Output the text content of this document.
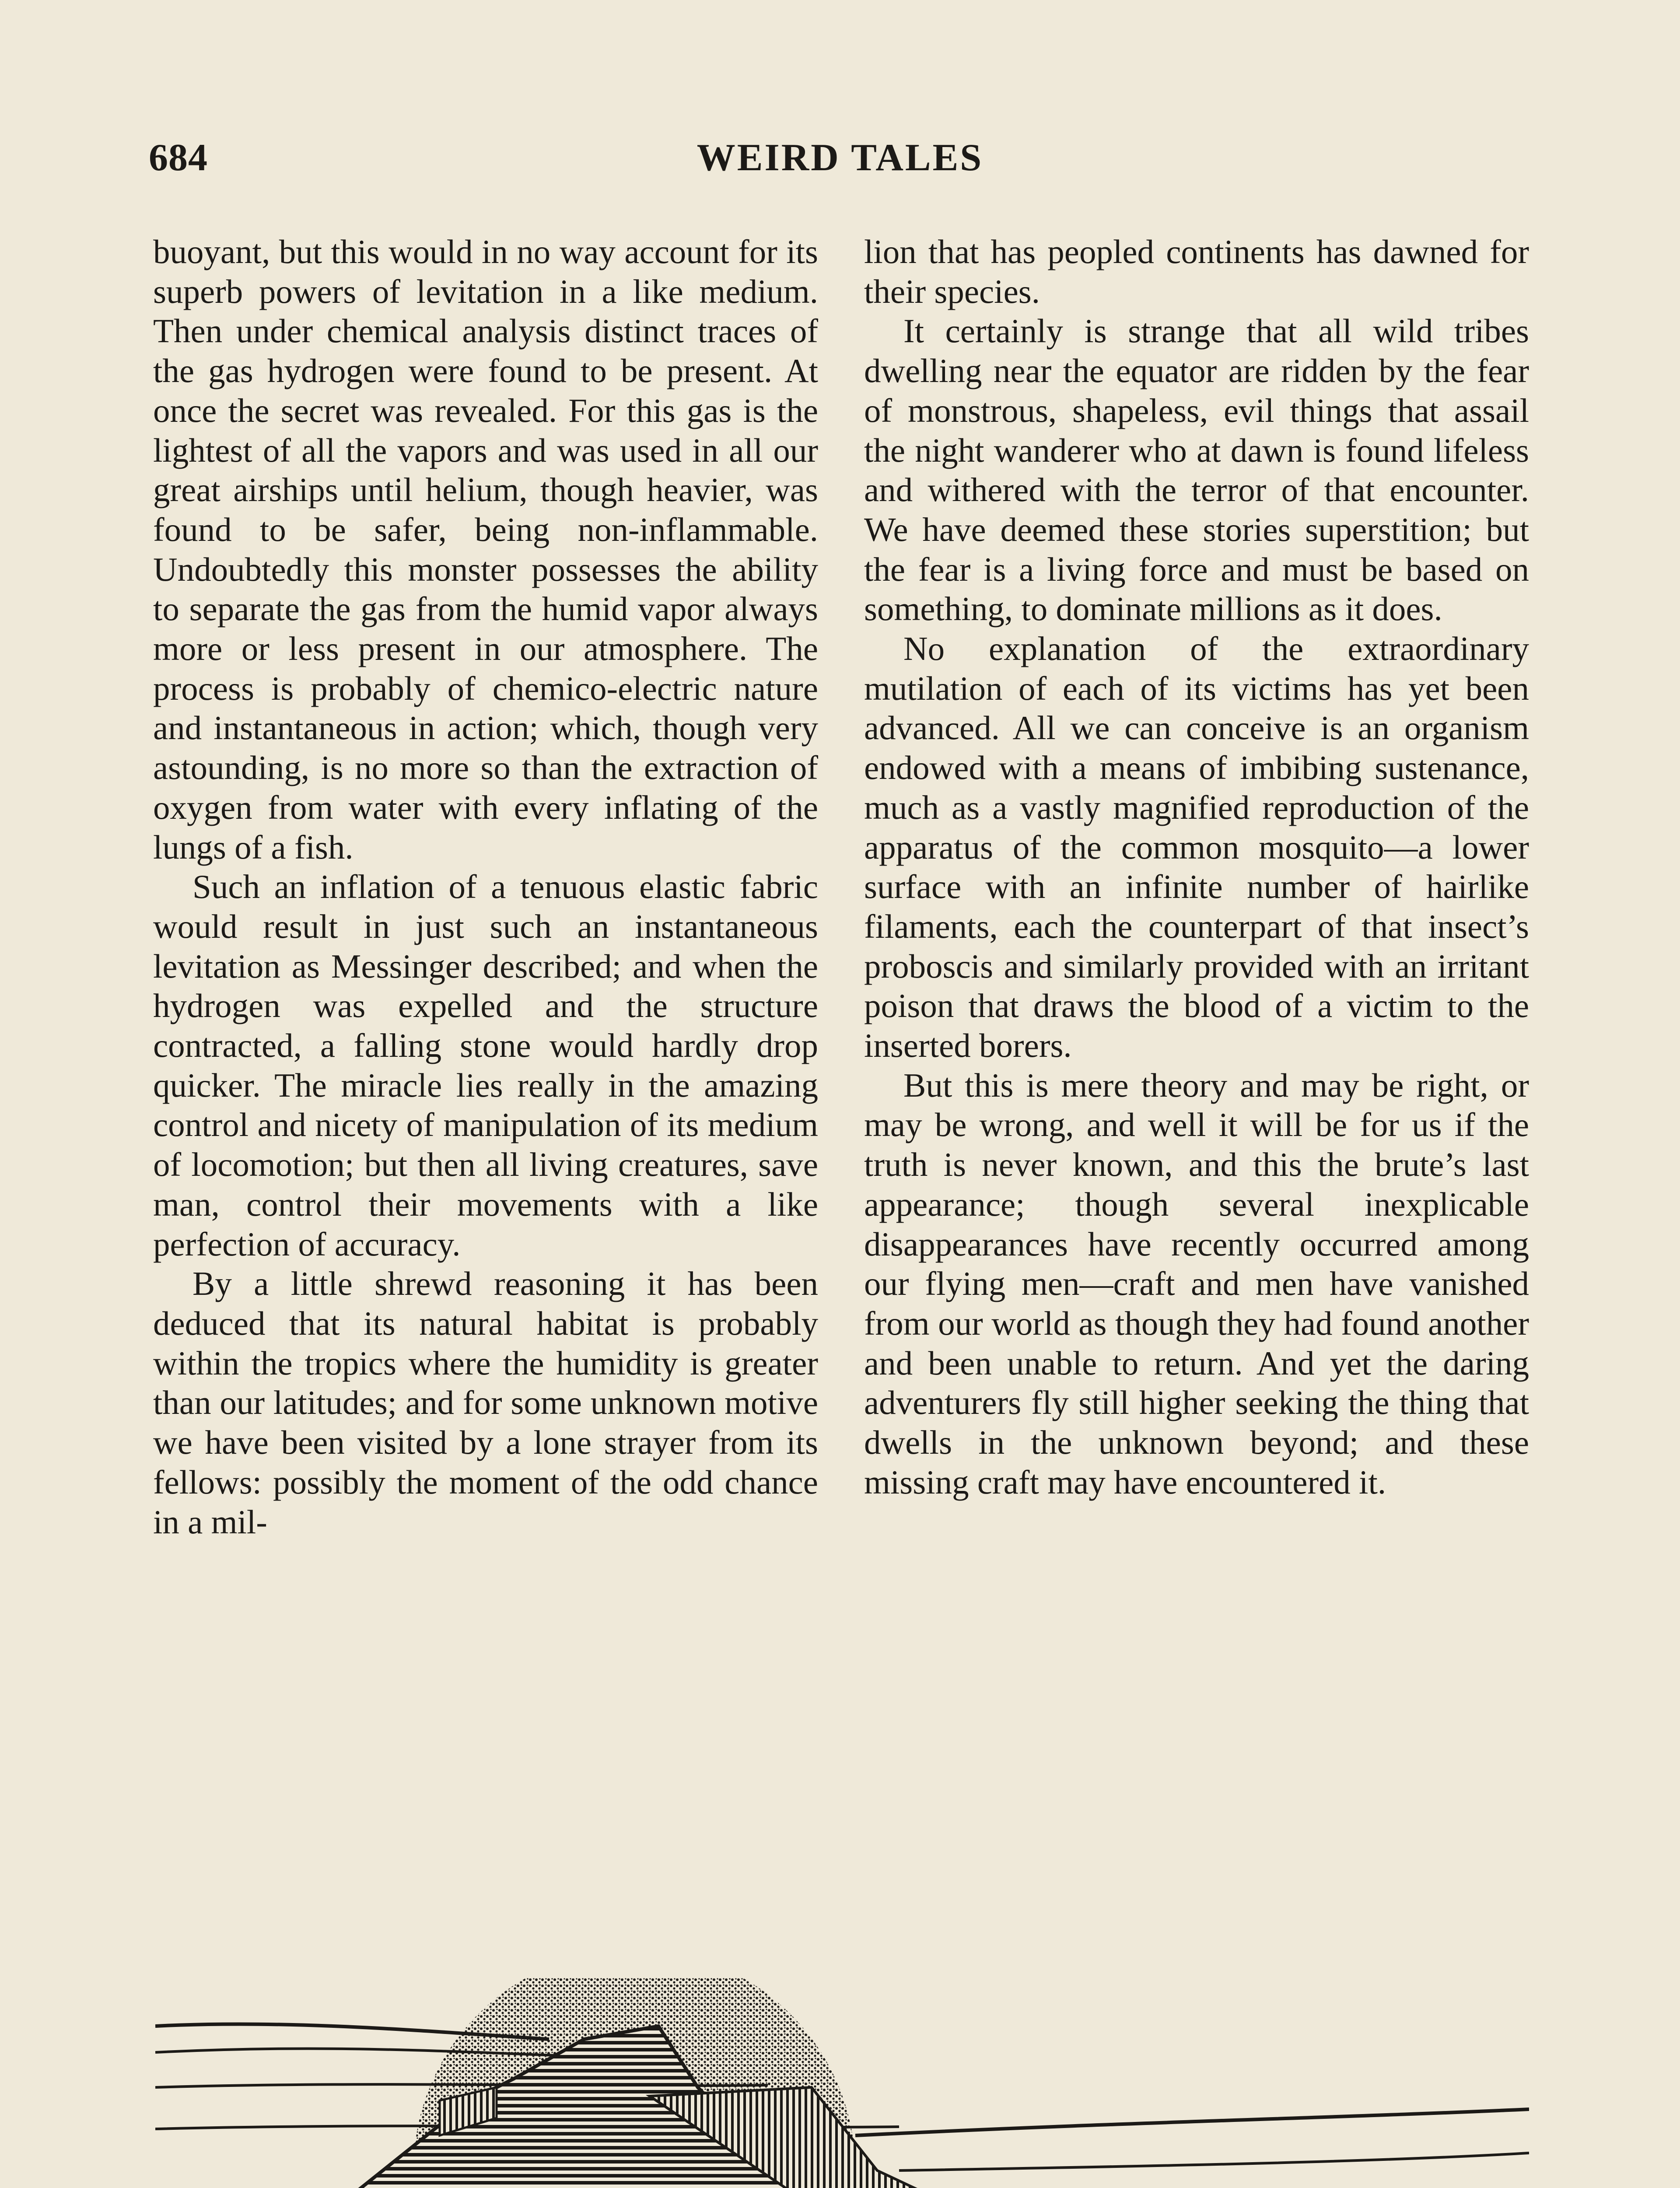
684	WEIRD TALES

buoyant, but this would in no way account for its superb powers of levitation in a like medium. Then under chemical analysis distinct traces of the gas hydrogen were found to be present. At once the secret was revealed. For this gas is the lightest of all the vapors and was used in all our great airships until helium, though heavier, was found to be safer, being non-inflammable. Undoubtedly this monster possesses the ability to separate the gas from the humid vapor always more or less present in our atmosphere. The process is probably of chemico-electric nature and instantaneous in action; which, though very astounding, is no more so than the extraction of oxygen from water with every inflating of the lungs of a fish.

Such an inflation of a tenuous elastic fabric would result in just such an instantaneous levitation as Messinger described; and when the hydrogen was expelled and the structure contracted, a falling stone would hardly drop quicker. The miracle lies really in the amazing control and nicety of manipulation of its medium of locomotion; but then all living creatures, save man, control their movements with a like perfection of accuracy.

By a little shrewd reasoning it has been deduced that its natural habitat is probably within the tropics where the humidity is greater than our latitudes; and for some unknown motive we have been visited by a lone strayer from its fellows: possibly the moment of the odd chance in a mil-

lion that has peopled continents has dawned for their species.

It certainly is strange that all wild tribes dwelling near the equator are ridden by the fear of monstrous, shapeless, evil things that assail the night wanderer who at dawn is found lifeless and withered with the terror of that encounter. We have deemed these stories superstition; but the fear is a living force and must be based on something, to dominate millions as it does.

No explanation of the extraordinary mutilation of each of its victims has yet been advanced. All we can conceive is an organism endowed with a means of imbibing sustenance, much as a vastly magnified reproduction of the apparatus of the common mosquito—a lower surface with an infinite number of hairlike filaments, each the counterpart of that insect’s proboscis and similarly provided with an irritant poison that draws the blood of a victim to the inserted borers.

But this is mere theory and may be right, or may be wrong, and well it will be for us if the truth is never known, and this the brute’s last appearance; though several inexplicable disappearances have recently occurred among our flying men—craft and men have vanished from our world as though they had found another and been unable to return. And yet the daring adventurers fly still higher seeking the thing that dwells in the unknown beyond; and these missing craft may have encountered it.
